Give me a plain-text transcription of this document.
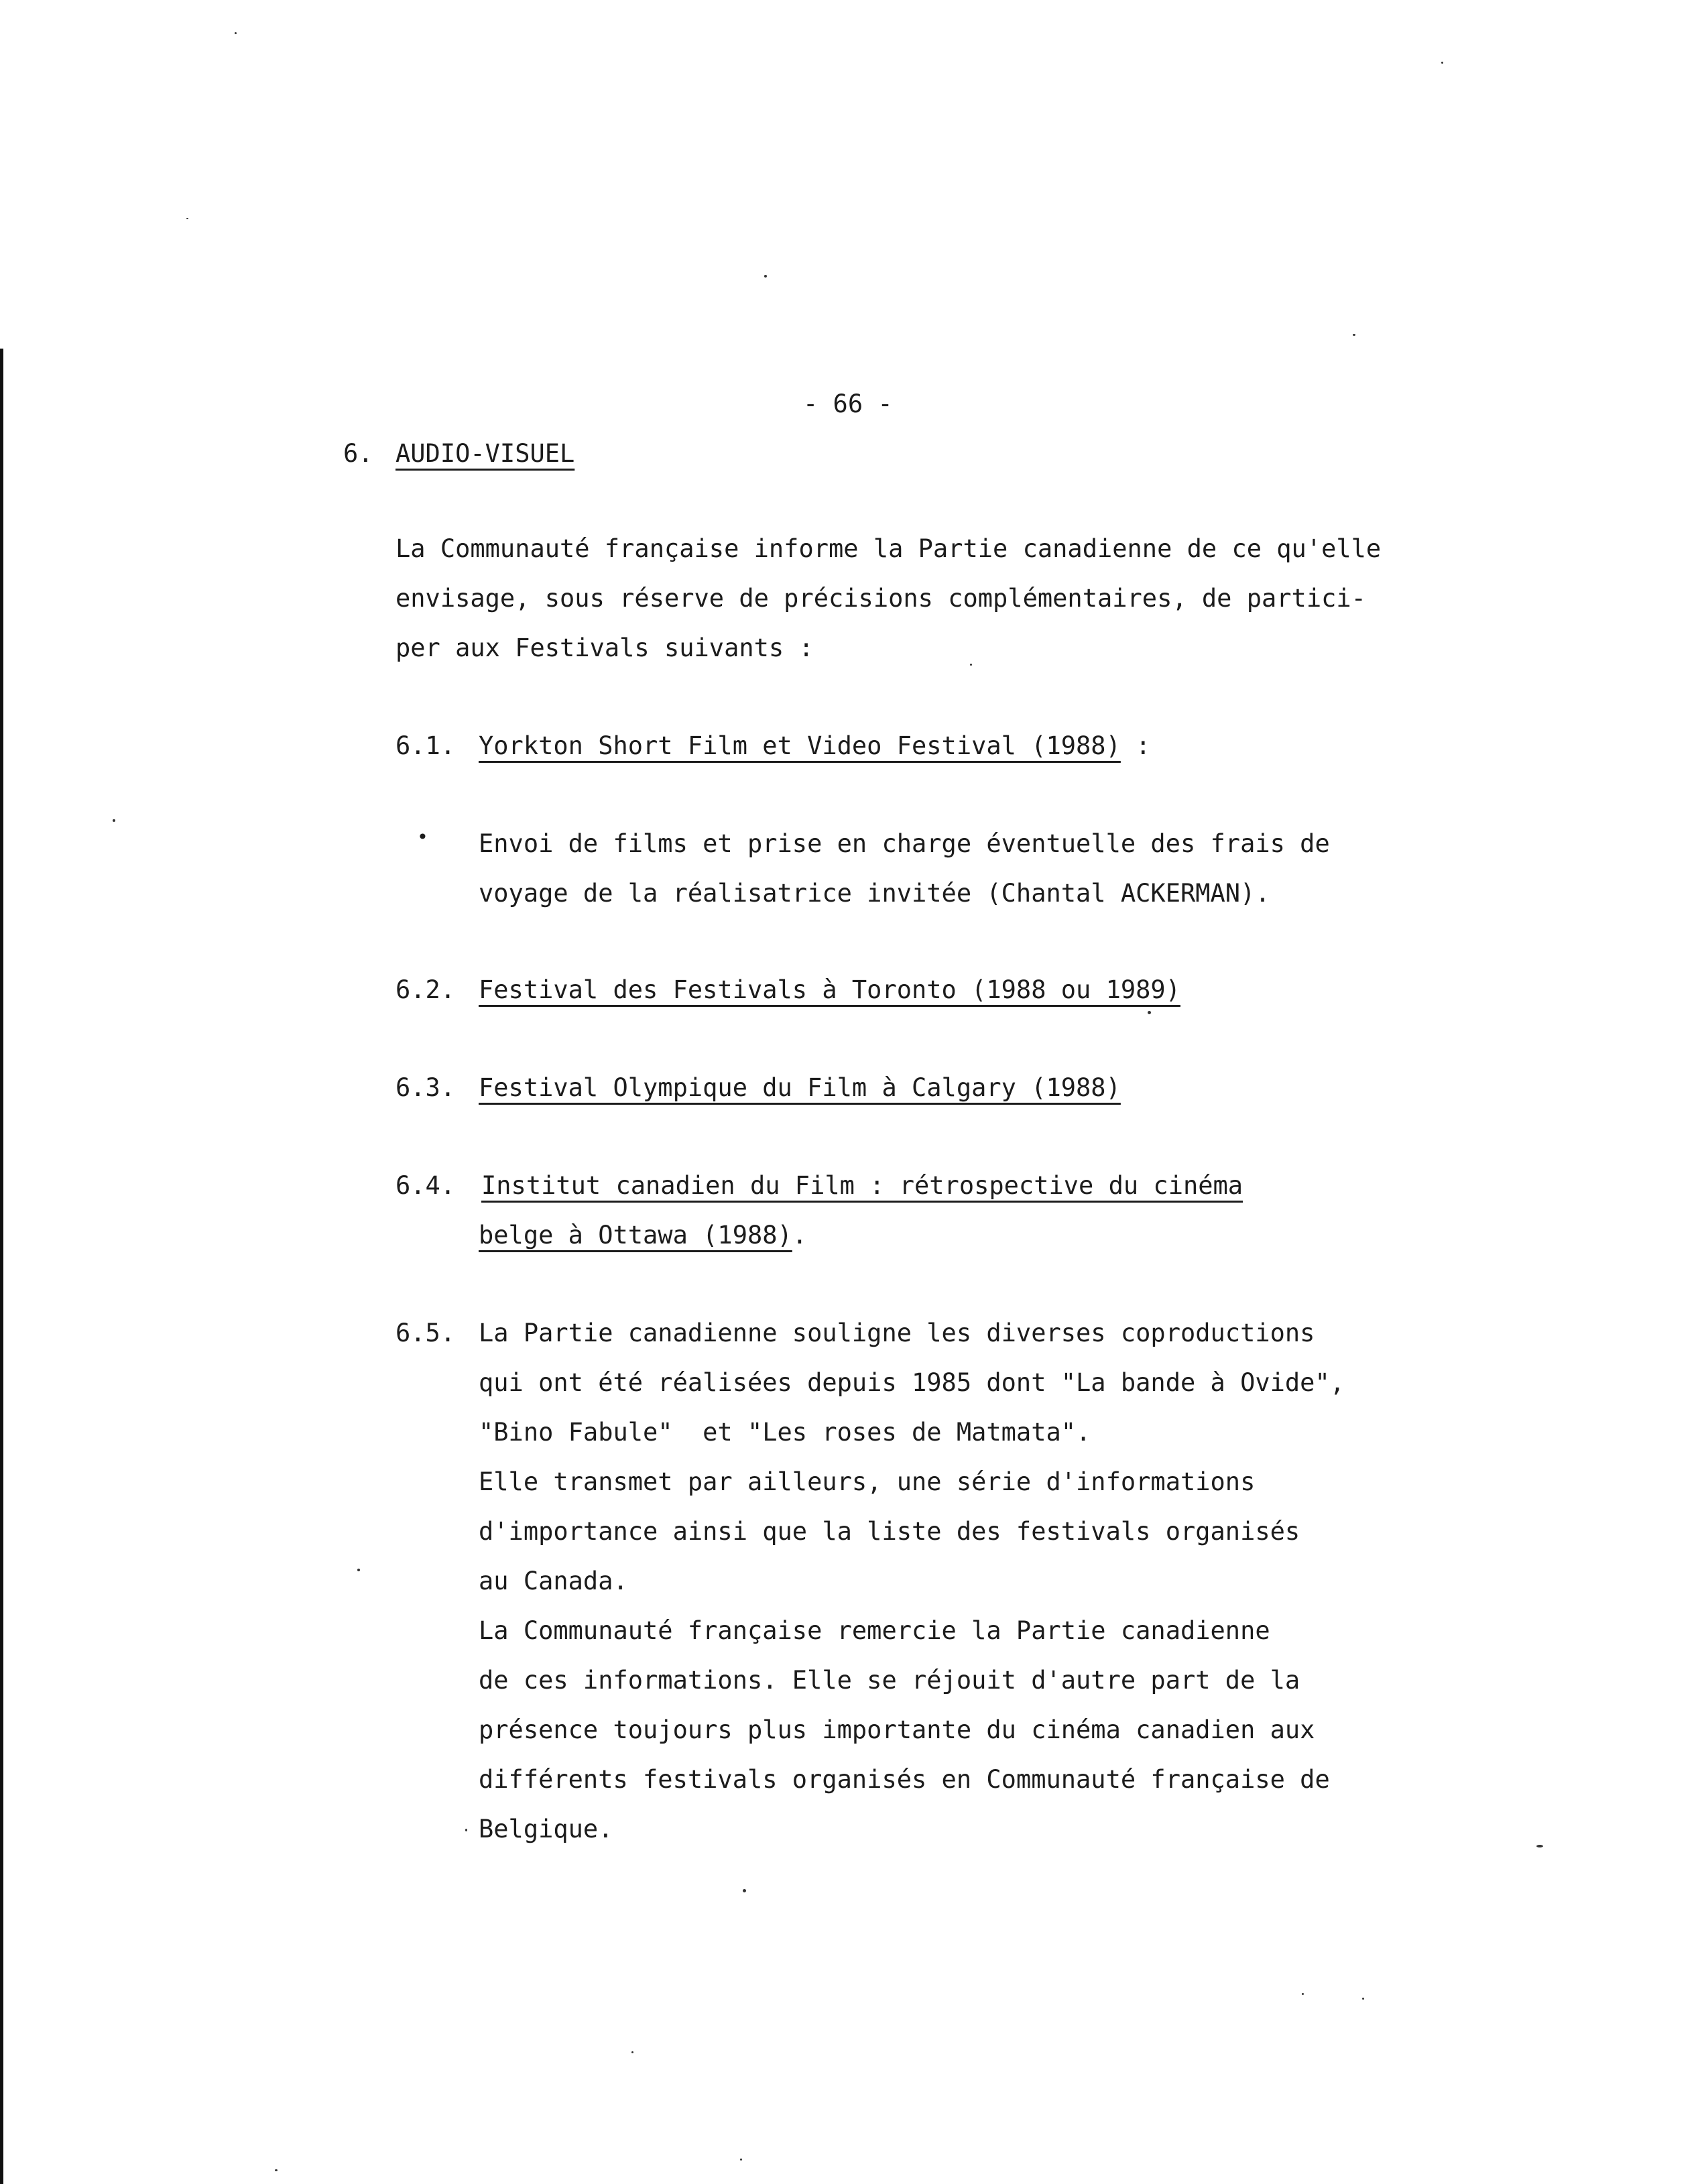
- 66 -
6. AUDIO-VISUEL
La Communauté française informe la Partie canadienne de ce qu'elle
envisage, sous réserve de précisions complémentaires, de partici-
per aux Festivals suivants :
6.1. Yorkton Short Film et Video Festival (1988) :
• Envoi de films et prise en charge éventuelle des frais de
voyage de la réalisatrice invitée (Chantal ACKERMAN).
6.2. Festival des Festivals à Toronto (1988 ou 1989)
6.3. Festival Olympique du Film à Calgary (1988)
6.4. Institut canadien du Film : rétrospective du cinéma
belge à Ottawa (1988).
6.5. La Partie canadienne souligne les diverses coproductions
qui ont été réalisées depuis 1985 dont "La bande à Ovide",
"Bino Fabule"  et "Les roses de Matmata".
Elle transmet par ailleurs, une série d'informations
d'importance ainsi que la liste des festivals organisés
au Canada.
La Communauté française remercie la Partie canadienne
de ces informations. Elle se réjouit d'autre part de la
présence toujours plus importante du cinéma canadien aux
différents festivals organisés en Communauté française de
Belgique.
